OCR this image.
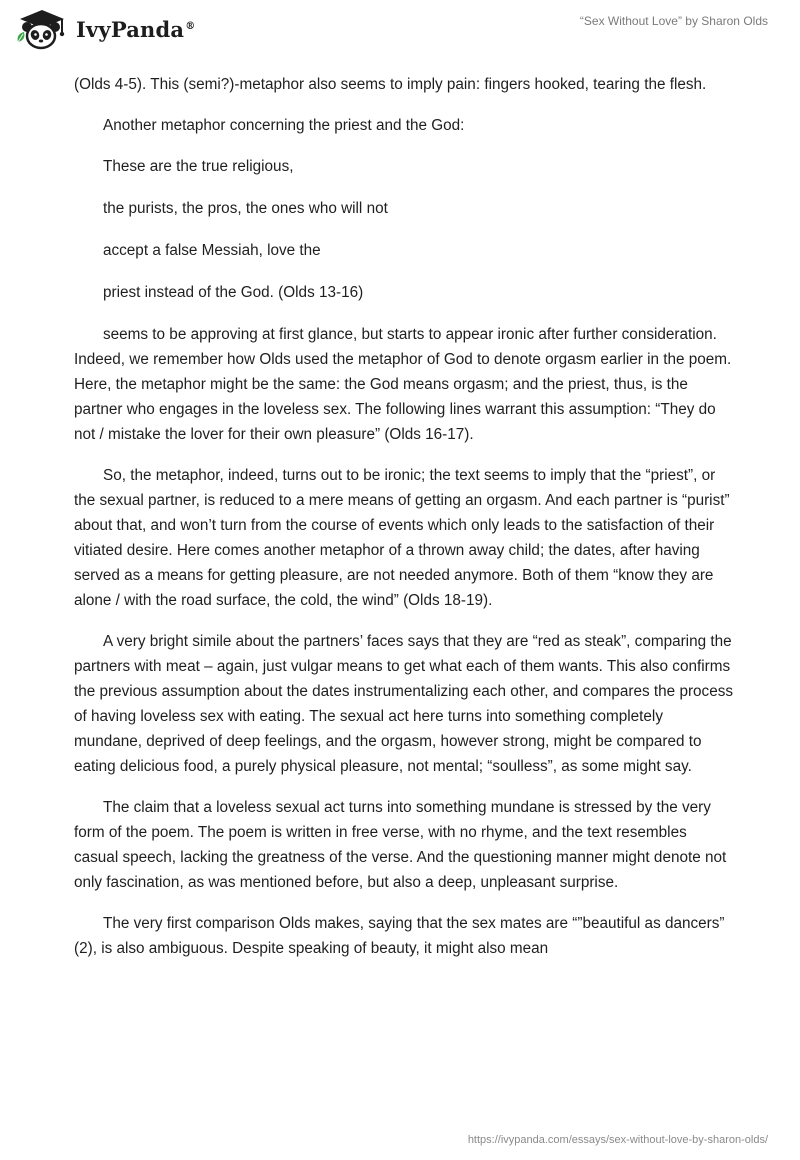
IvyPanda®	“Sex Without Love” by Sharon Olds

(Olds 4-5). This (semi?)-metaphor also seems to imply pain: fingers hooked, tearing the flesh.

Another metaphor concerning the priest and the God:

These are the true religious,

the purists, the pros, the ones who will not

accept a false Messiah, love the

priest instead of the God. (Olds 13-16)

seems to be approving at first glance, but starts to appear ironic after further consideration. Indeed, we remember how Olds used the metaphor of God to denote orgasm earlier in the poem. Here, the metaphor might be the same: the God means orgasm; and the priest, thus, is the partner who engages in the loveless sex. The following lines warrant this assumption: “They do not / mistake the lover for their own pleasure” (Olds 16-17).

So, the metaphor, indeed, turns out to be ironic; the text seems to imply that the “priest”, or the sexual partner, is reduced to a mere means of getting an orgasm. And each partner is “purist” about that, and won’t turn from the course of events which only leads to the satisfaction of their vitiated desire. Here comes another metaphor of a thrown away child; the dates, after having served as a means for getting pleasure, are not needed anymore. Both of them “know they are alone / with the road surface, the cold, the wind” (Olds 18-19).

A very bright simile about the partners’ faces says that they are “red as steak”, comparing the partners with meat – again, just vulgar means to get what each of them wants. This also confirms the previous assumption about the dates instrumentalizing each other, and compares the process of having loveless sex with eating. The sexual act here turns into something completely mundane, deprived of deep feelings, and the orgasm, however strong, might be compared to eating delicious food, a purely physical pleasure, not mental; “soulless”, as some might say.

The claim that a loveless sexual act turns into something mundane is stressed by the very form of the poem. The poem is written in free verse, with no rhyme, and the text resembles casual speech, lacking the greatness of the verse. And the questioning manner might denote not only fascination, as was mentioned before, but also a deep, unpleasant surprise.

The very first comparison Olds makes, saying that the sex mates are “”beautiful as dancers” (2), is also ambiguous. Despite speaking of beauty, it might also mean

https://ivypanda.com/essays/sex-without-love-by-sharon-olds/
